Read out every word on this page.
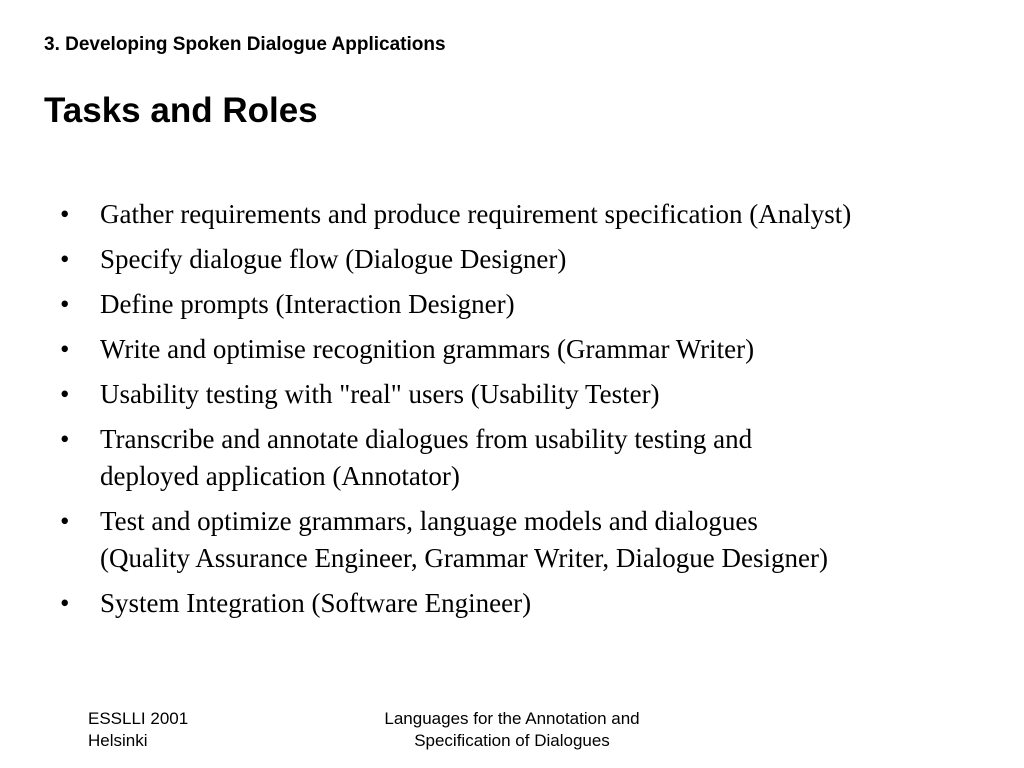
3. Developing Spoken Dialogue Applications
Tasks and Roles
•	Gather requirements and produce requirement specification (Analyst)
•	Specify dialogue flow (Dialogue Designer)
•	Define prompts (Interaction Designer)
•	Write and optimise recognition grammars (Grammar Writer)
•	Usability testing with "real" users (Usability Tester)
•	Transcribe and annotate dialogues from usability testing and
deployed application (Annotator)
•	Test and optimize grammars, language models and dialogues
(Quality Assurance Engineer, Grammar Writer, Dialogue Designer)
•	System Integration (Software Engineer)
ESSLLI 2001
Helsinki
Languages for the Annotation and
Specification of Dialogues
